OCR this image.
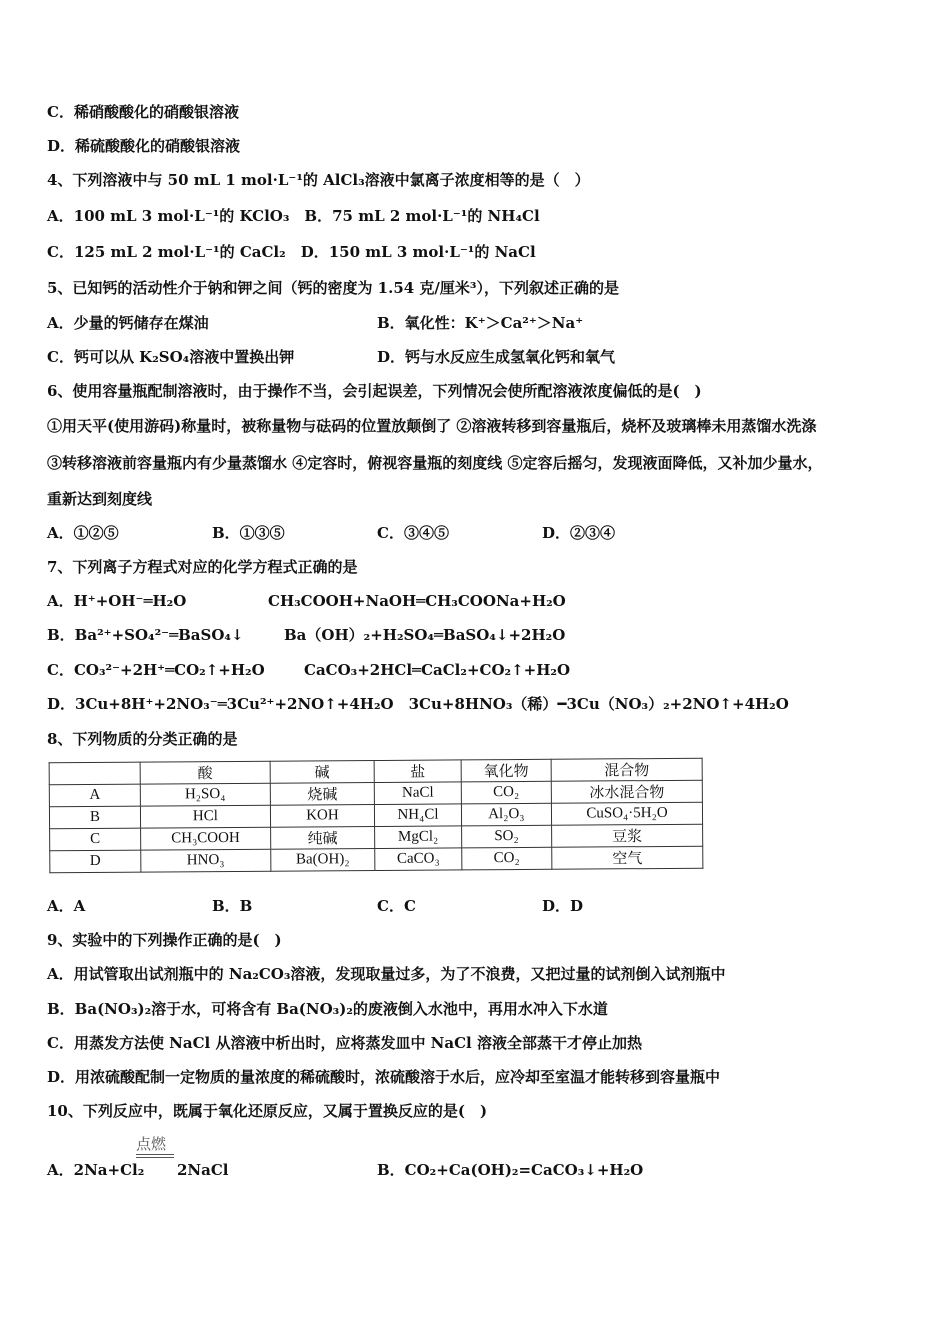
C．稀硝酸酸化的硝酸银溶液
D．稀硫酸酸化的硝酸银溶液
4、下列溶液中与 50 mL 1 mol·L⁻¹的 AlCl₃溶液中氯离子浓度相等的是（　）
A．100 mL 3 mol·L⁻¹的 KClO₃　B．75 mL 2 mol·L⁻¹的 NH₄Cl
C．125 mL 2 mol·L⁻¹的 CaCl₂　D．150 mL 3 mol·L⁻¹的 NaCl
5、已知钙的活动性介于钠和钾之间（钙的密度为 1.54 克/厘米³），下列叙述正确的是
A．少量的钙储存在煤油	B．氧化性：K⁺＞Ca²⁺＞Na⁺
C．钙可以从 K₂SO₄溶液中置换出钾	D．钙与水反应生成氢氧化钙和氧气
6、使用容量瓶配制溶液时，由于操作不当，会引起误差，下列情况会使所配溶液浓度偏低的是(　)
①用天平(使用游码)称量时，被称量物与砝码的位置放颠倒了 ②溶液转移到容量瓶后，烧杯及玻璃棒未用蒸馏水洗涤
③转移溶液前容量瓶内有少量蒸馏水 ④定容时，俯视容量瓶的刻度线 ⑤定容后摇匀，发现液面降低，又补加少量水，
重新达到刻度线
A．①②⑤	B．①③⑤	C．③④⑤	D．②③④
7、下列离子方程式对应的化学方程式正确的是
A．H⁺+OH⁻═H₂O	CH₃COOH+NaOH═CH₃COONa+H₂O
B．Ba²⁺+SO₄²⁻═BaSO₄↓	Ba（OH）₂+H₂SO₄═BaSO₄↓+2H₂O
C．CO₃²⁻+2H⁺═CO₂↑+H₂O	CaCO₃+2HCl═CaCl₂+CO₂↑+H₂O
D．3Cu+8H⁺+2NO₃⁻═3Cu²⁺+2NO↑+4H₂O　3Cu+8HNO₃（稀）━3Cu（NO₃）₂+2NO↑+4H₂O
8、下列物质的分类正确的是
	酸	碱	盐	氧化物	混合物
A	H₂SO₄	烧碱	NaCl	CO₂	冰水混合物
B	HCl	KOH	NH₄Cl	Al₂O₃	CuSO₄·5H₂O
C	CH₃COOH	纯碱	MgCl₂	SO₂	豆浆
D	HNO₃	Ba(OH)₂	CaCO₃	CO₂	空气
A．A	B．B	C．C	D．D
9、实验中的下列操作正确的是(　)
A．用试管取出试剂瓶中的 Na₂CO₃溶液，发现取量过多，为了不浪费，又把过量的试剂倒入试剂瓶中
B．Ba(NO₃)₂溶于水，可将含有 Ba(NO₃)₂的废液倒入水池中，再用水冲入下水道
C．用蒸发方法使 NaCl 从溶液中析出时，应将蒸发皿中 NaCl 溶液全部蒸干才停止加热
D．用浓硫酸配制一定物质的量浓度的稀硫酸时，浓硫酸溶于水后，应冷却至室温才能转移到容量瓶中
10、下列反应中，既属于氧化还原反应，又属于置换反应的是(　)
点燃
A．2Na+Cl₂ 2NaCl	B．CO₂+Ca(OH)₂=CaCO₃↓+H₂O
